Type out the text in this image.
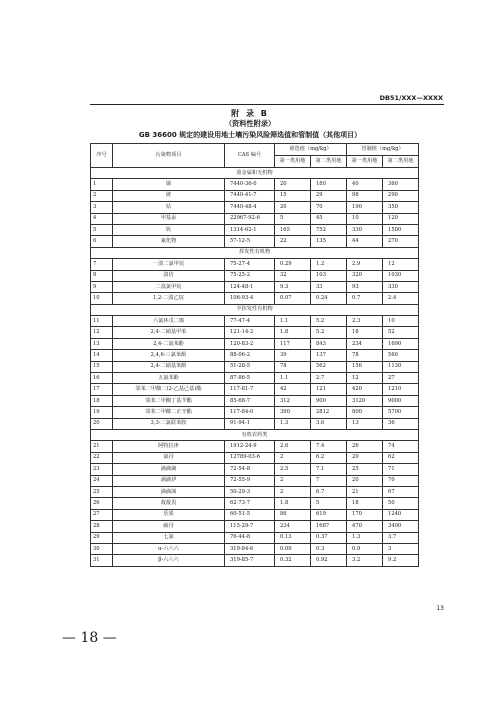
DB51/XXX—XXXX
附 录 B
（资料性附录）
GB 36600 规定的建设用地土壤污染风险筛选值和管制值（其他项目）
序号	污染物项目	CAS 编号	筛选值（mg/kg）		管制值（mg/kg）	
			第一类用地	第二类用地	第一类用地	第二类用地
重金属和无机物						
1	锑	7440-36-0	20	180	40	360
2	铍	7440-41-7	15	29	98	290
3	钴	7440-48-4	20	70	190	350
4	甲基汞	22967-92-6	5	45	10	120
5	钒	1314-62-1	165	752	330	1500
6	氰化物	57-12-5	22	135	44	270
挥发性有机物						
7	一溴二氯甲烷	75-27-4	0.29	1.2	2.9	12
8	溴仿	75-25-2	32	103	320	1030
9	二溴氯甲烷	124-48-1	9.3	33	93	330
10	1,2-二溴乙烷	106-93-4	0.07	0.24	0.7	2.4
半挥发性有机物						
11	六氯环戊二烯	77-47-4	1.1	5.2	2.3	10
12	2,4-二硝基甲苯	121-14-2	1.8	5.2	18	52
13	2,4-二氯苯酚	120-83-2	117	843	234	1690
14	2,4,6-三氯苯酚	88-06-2	39	137	78	560
15	2,4-二硝基苯酚	51-28-5	78	562	156	1130
16	五氯苯酚	87-86-5	1.1	2.7	12	27
17	邻苯二甲酸二(2-乙基己基)酯	117-81-7	42	121	420	1210
18	邻苯二甲酸丁基苄酯	85-68-7	312	900	3120	9000
19	邻苯二甲酸二正辛酯	117-84-0	390	2812	800	5700
20	3,3-二氯联苯胺	91-94-1	1.3	3.6	13	36
有机农药类						
21	阿特拉津	1912-24-9	2.6	7.4	26	74
22	氯丹	12789-03-6	2	6.2	20	62
23	滴滴滴	72-54-8	2.5	7.1	25	71
24	滴滴伊	72-55-9	2	7	20	70
25	滴滴涕	50-29-3	2	6.7	21	67
26	敌敌畏	62-73-7	1.8	5	18	50
27	乐果	60-51-5	86	619	170	1240
28	硫丹	115-29-7	234	1687	470	3400
29	七氯	76-44-8	0.13	0.37	1.3	3.7
30	α-六六六	319-84-6	0.09	0.3	0.9	3
31	β-六六六	319-85-7	0.32	0.92	3.2	9.2
13
— 18 —
